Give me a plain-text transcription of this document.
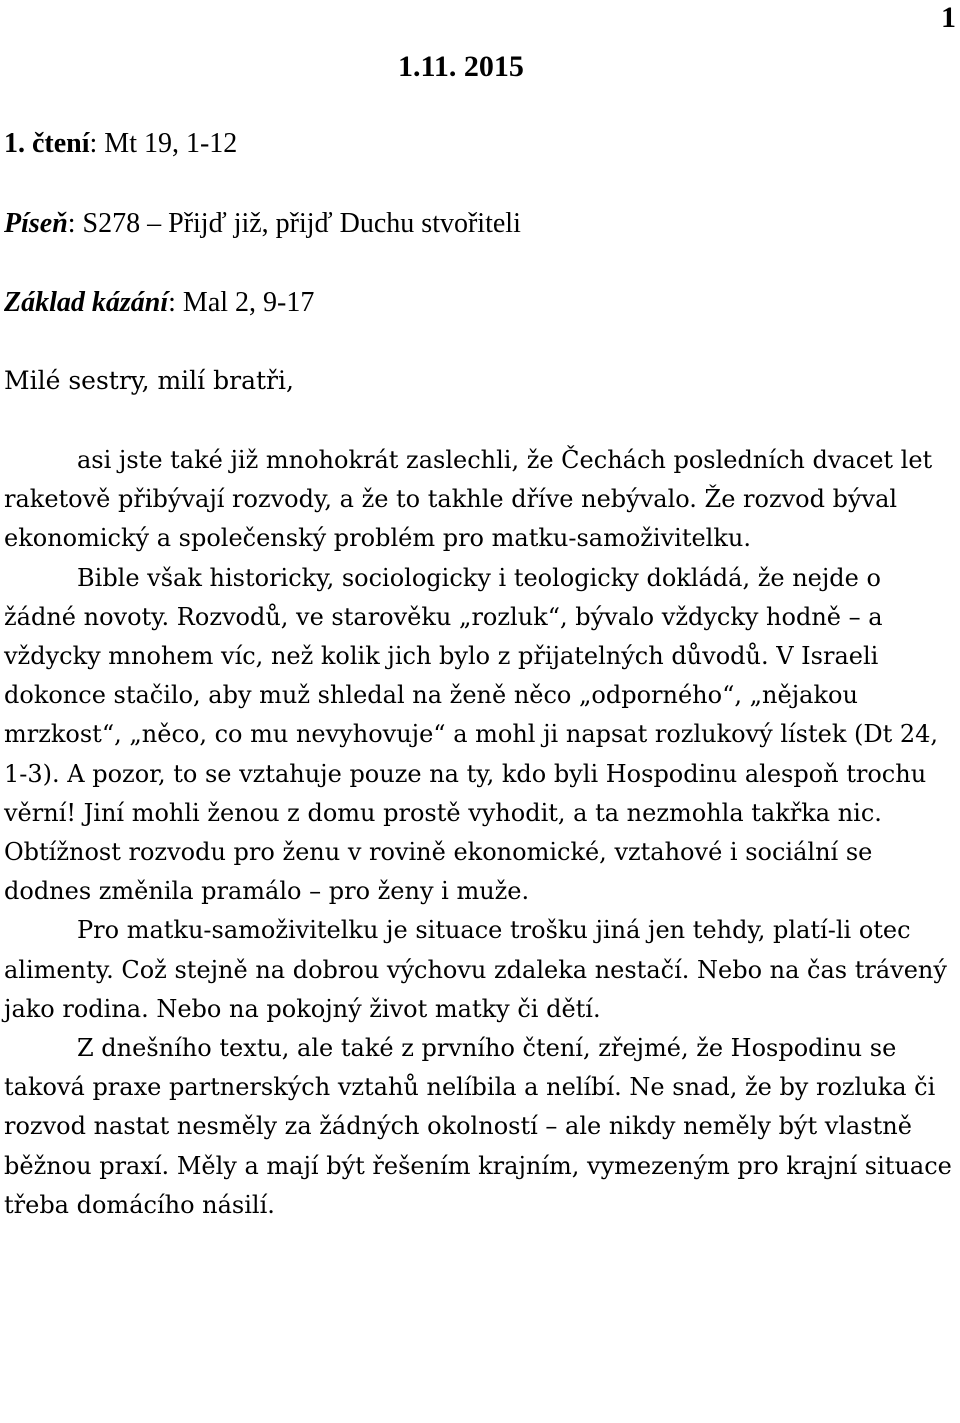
1
1.11. 2015
1. čtení: Mt 19, 1-12
Píseň: S278 – Přijď již, přijď Duchu stvořiteli
Základ kázání: Mal 2, 9-17
Milé sestry, milí bratři,

asi jste také již mnohokrát zaslechli, že Čechách posledních dvacet let raketově přibývají rozvody, a že to takhle dříve nebývalo. Že rozvod býval ekonomický a společenský problém pro matku-samoživitelku.

Bible však historicky, sociologicky i teologicky dokládá, že nejde o žádné novoty. Rozvodů, ve starověku „rozluk“, bývalo vždycky hodně – a vždycky mnohem víc, než kolik jich bylo z přijatelných důvodů. V Israeli dokonce stačilo, aby muž shledal na ženě něco „odporného“, „nějakou mrzkost“, „něco, co mu nevyhovuje“ a mohl ji napsat rozlukový lístek (Dt 24, 1-3). A pozor, to se vztahuje pouze na ty, kdo byli Hospodinu alespoň trochu věrní! Jiní mohli ženou z domu prostě vyhodit, a ta nezmohla takřka nic. Obtížnost rozvodu pro ženu v rovině ekonomické, vztahové i sociální se dodnes změnila pramálo – pro ženy i muže.

Pro matku-samoživitelku je situace trošku jiná jen tehdy, platí-li otec alimenty. Což stejně na dobrou výchovu zdaleka nestačí. Nebo na čas trávený jako rodina. Nebo na pokojný život matky či dětí.

Z dnešního textu, ale také z prvního čtení, zřejmé, že Hospodinu se taková praxe partnerských vztahů nelíbila a nelíbí. Ne snad, že by rozluka či rozvod nastat nesměly za žádných okolností – ale nikdy neměly být vlastně běžnou praxí. Měly a mají být řešením krajním, vymezeným pro krajní situace třeba domácího násilí.
